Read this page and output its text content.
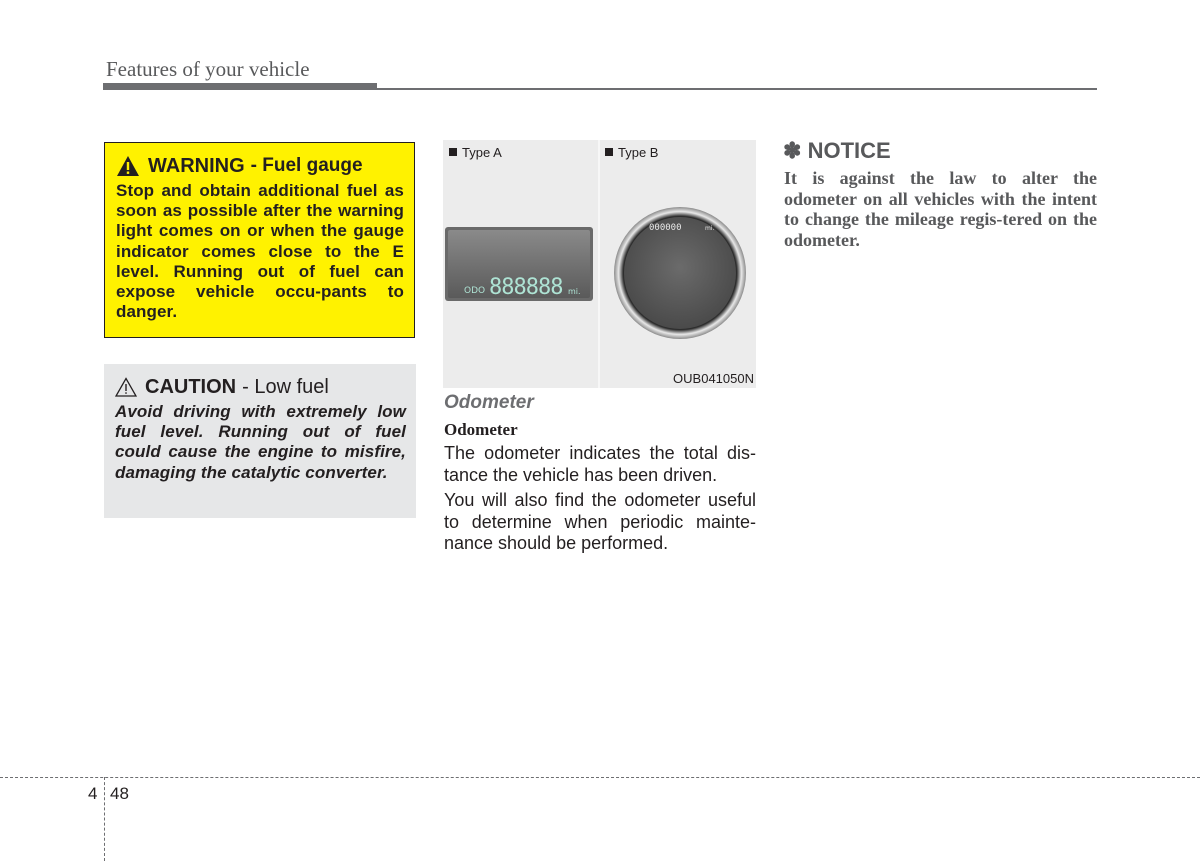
Features of your vehicle
WARNING - Fuel gauge
Stop and obtain additional fuel as soon as possible after the warning light comes on or when the gauge indicator comes close to the E level. Running out of fuel can expose vehicle occu-pants to danger.
CAUTION - Low fuel
Avoid driving with extremely low fuel level. Running out of fuel could cause the engine to misfire, damaging the catalytic converter.
Type A	Type B
ODO 888888 mi.
000000	mi.
OUB041050N
Odometer
Odometer
The odometer indicates the total dis-tance the vehicle has been driven.
You will also find the odometer useful to determine when periodic mainte-nance should be performed.
✽ NOTICE
It is against the law to alter the odometer on all vehicles with the intent to change the mileage regis-tered on the odometer.
4 48
